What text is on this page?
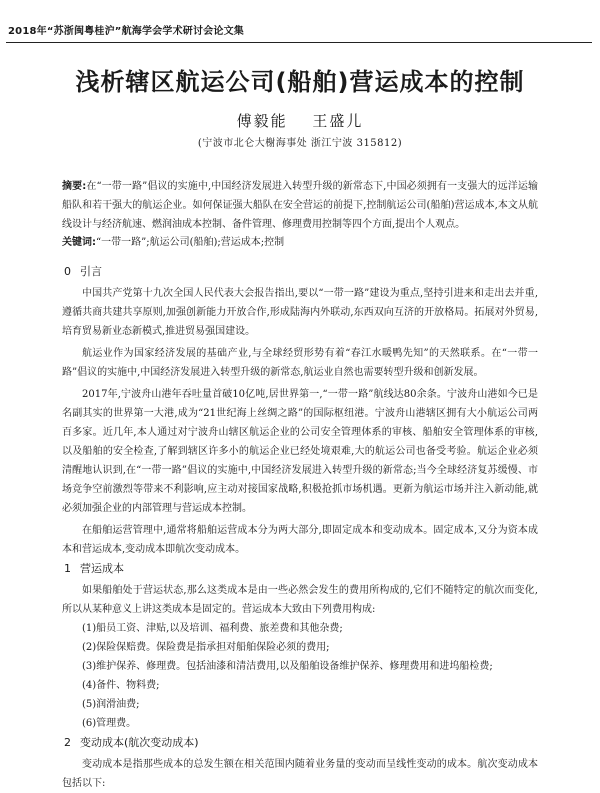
2018年“苏浙闽粤桂沪”航海学会学术研讨会论文集
浅析辖区航运公司(船舶)营运成本的控制
傅毅能 王盛儿
(宁波市北仑大榭海事处 浙江宁波 315812)
摘要:在“一带一路”倡议的实施中,中国经济发展进入转型升级的新常态下,中国必须拥有一支强大的远洋运输船队和若干强大的航运企业。如何保证强大船队在安全营运的前提下,控制航运公司(船舶)营运成本,本文从航线设计与经济航速、燃润油成本控制、备件管理、修理费用控制等四个方面,提出个人观点。
关键词:“一带一路”;航运公司(船舶);营运成本;控制
0 引言

中国共产党第十九次全国人民代表大会报告指出,要以“一带一路”建设为重点,坚持引进来和走出去并重,遵循共商共建共享原则,加强创新能力开放合作,形成陆海内外联动,东西双向互济的开放格局。拓展对外贸易,培育贸易新业态新模式,推进贸易强国建设。

航运业作为国家经济发展的基础产业,与全球经贸形势有着“春江水暖鸭先知”的天然联系。在“一带一路”倡议的实施中,中国经济发展进入转型升级的新常态,航运业自然也需要转型升级和创新发展。

2017年,宁波舟山港年吞吐量首破10亿吨,居世界第一,“一带一路”航线达80余条。宁波舟山港如今已是名副其实的世界第一大港,成为“21世纪海上丝绸之路”的国际枢纽港。宁波舟山港辖区拥有大小航运公司两百多家。近几年,本人通过对宁波舟山辖区航运企业的公司安全管理体系的审核、船舶安全管理体系的审核,以及船舶的安全检查,了解到辖区许多小的航运企业已经处境艰难,大的航运公司也备受考验。航运企业必须清醒地认识到,在“一带一路”倡议的实施中,中国经济发展进入转型升级的新常态;当今全球经济复苏缓慢、市场竞争空前激烈等带来不利影响,应主动对接国家战略,积极抢抓市场机遇。更新为航运市场并注入新动能,就必须加强企业的内部管理与营运成本控制。

在船舶运营管理中,通常将船舶运营成本分为两大部分,即固定成本和变动成本。固定成本,又分为资本成本和营运成本,变动成本即航次变动成本。

1 营运成本

如果船舶处于营运状态,那么这类成本是由一些必然会发生的费用所构成的,它们不随特定的航次而变化,所以从某种意义上讲这类成本是固定的。营运成本大致由下列费用构成:

(1)船员工资、津贴,以及培训、福利费、旅差费和其他杂费;

(2)保险保赔费。保险费是指承担对船舶保险必须的费用;

(3)维护保养、修理费。包括油漆和清洁费用,以及船舶设备维护保养、修理费用和进坞船检费;

(4)备件、物料费;

(5)润滑油费;

(6)管理费。

2 变动成本(航次变动成本)

变动成本是指那些成本的总发生额在相关范围内随着业务量的变动而呈线性变动的成本。航次变动成本包括以下:
